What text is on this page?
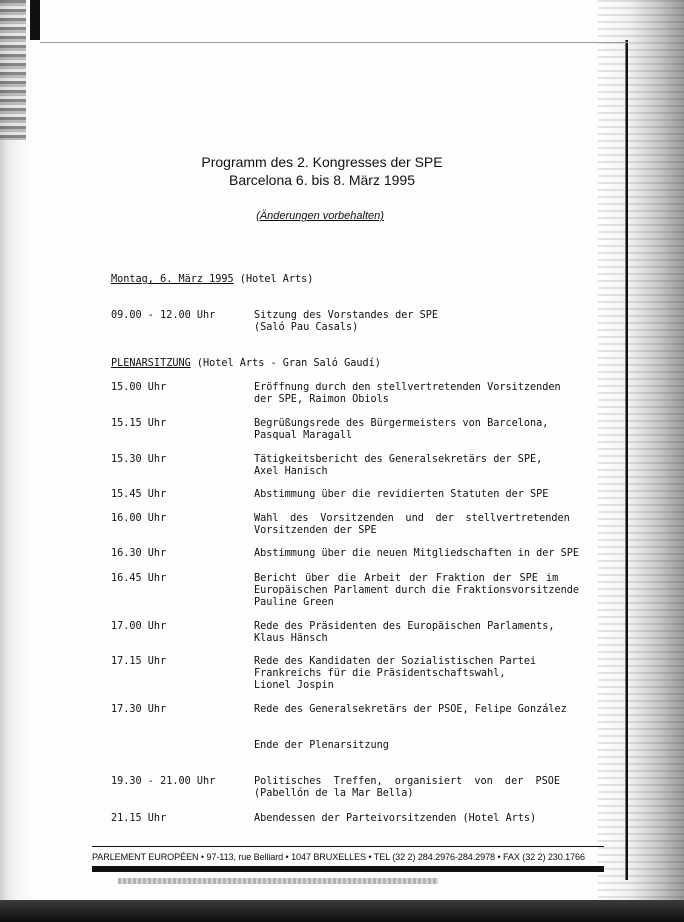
Programm des 2. Kongresses der SPE
Barcelona 6. bis 8. März 1995
(Änderungen vorbehalten)
Montag, 6. März 1995 (Hotel Arts)
09.00 - 12.00 Uhr	Sitzung des Vorstandes der SPE
(Saló Pau Casals)
PLENARSITZUNG (Hotel Arts - Gran Saló Gaudí)
15.00 Uhr	Eröffnung durch den stellvertretenden Vorsitzenden
der SPE, Raimon Obiols
15.15 Uhr	Begrüßungsrede des Bürgermeisters von Barcelona,
Pasqual Maragall
15.30 Uhr	Tätigkeitsbericht des Generalsekretärs der SPE,
Axel Hanisch
15.45 Uhr	Abstimmung über die revidierten Statuten der SPE
16.00 Uhr	Wahl des Vorsitzenden und der stellvertretenden
Vorsitzenden der SPE
16.30 Uhr	Abstimmung über die neuen Mitgliedschaften in der SPE
16.45 Uhr	Bericht über die Arbeit der Fraktion der SPE im
Europäischen Parlament durch die Fraktionsvorsitzende
Pauline Green
17.00 Uhr	Rede des Präsidenten des Europäischen Parlaments,
Klaus Hänsch
17.15 Uhr	Rede des Kandidaten der Sozialistischen Partei
Frankreichs für die Präsidentschaftswahl,
Lionel Jospin
17.30 Uhr	Rede des Generalsekretärs der PSOE, Felipe González
Ende der Plenarsitzung
19.30 - 21.00 Uhr	Politisches Treffen, organisiert von der PSOE
(Pabellón de la Mar Bella)
21.15 Uhr	Abendessen der Parteivorsitzenden (Hotel Arts)
PARLEMENT EUROPÉEN • 97-113, rue Belliard • 1047 BRUXELLES • TEL (32 2) 284.2976-284.2978 • FAX (32 2) 230.1766
